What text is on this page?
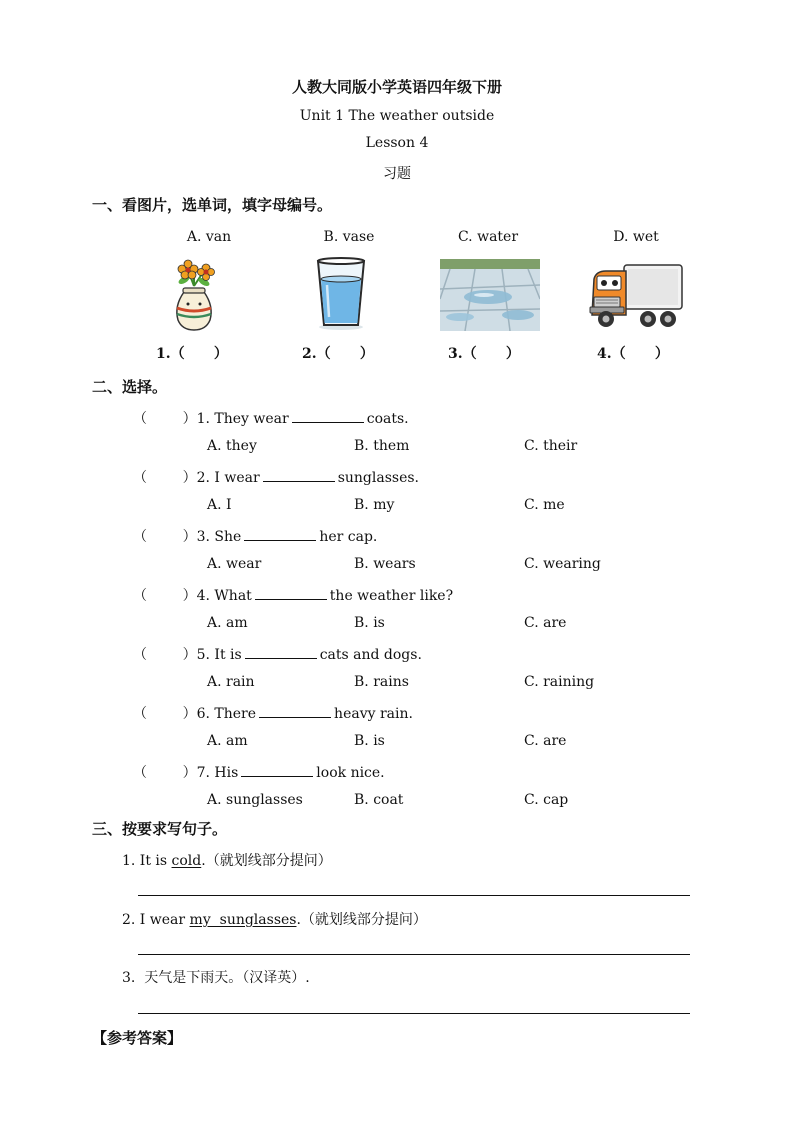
人教大同版小学英语四年级下册
Unit 1 The weather outside
Lesson 4
习题
一、看图片，选单词，填字母编号。
A. van	B. vase	C. water	D. wet
1.（      ）	2.（      ）	3.（      ）	4.（      ）
二、选择。
（        ）1. They wear	coats.
A. they	B. them	C. their
（        ）2. I wear	sunglasses.
A. I	B. my	C. me
（        ）3. She	her cap.
A. wear	B. wears	C. wearing
（        ）4. What	the weather like?
A. am	B. is	C. are
（        ）5. It is	cats and dogs.
A. rain	B. rains	C. raining
（        ）6. There	heavy rain.
A. am	B. is	C. are
（        ）7. His	look nice.
A. sunglasses	B. coat	C. cap
三、按要求写句子。
1. It is cold.（就划线部分提问）
2. I wear my  sunglasses.（就划线部分提问）
3.  天气是下雨天。（汉译英）.
【参考答案】
